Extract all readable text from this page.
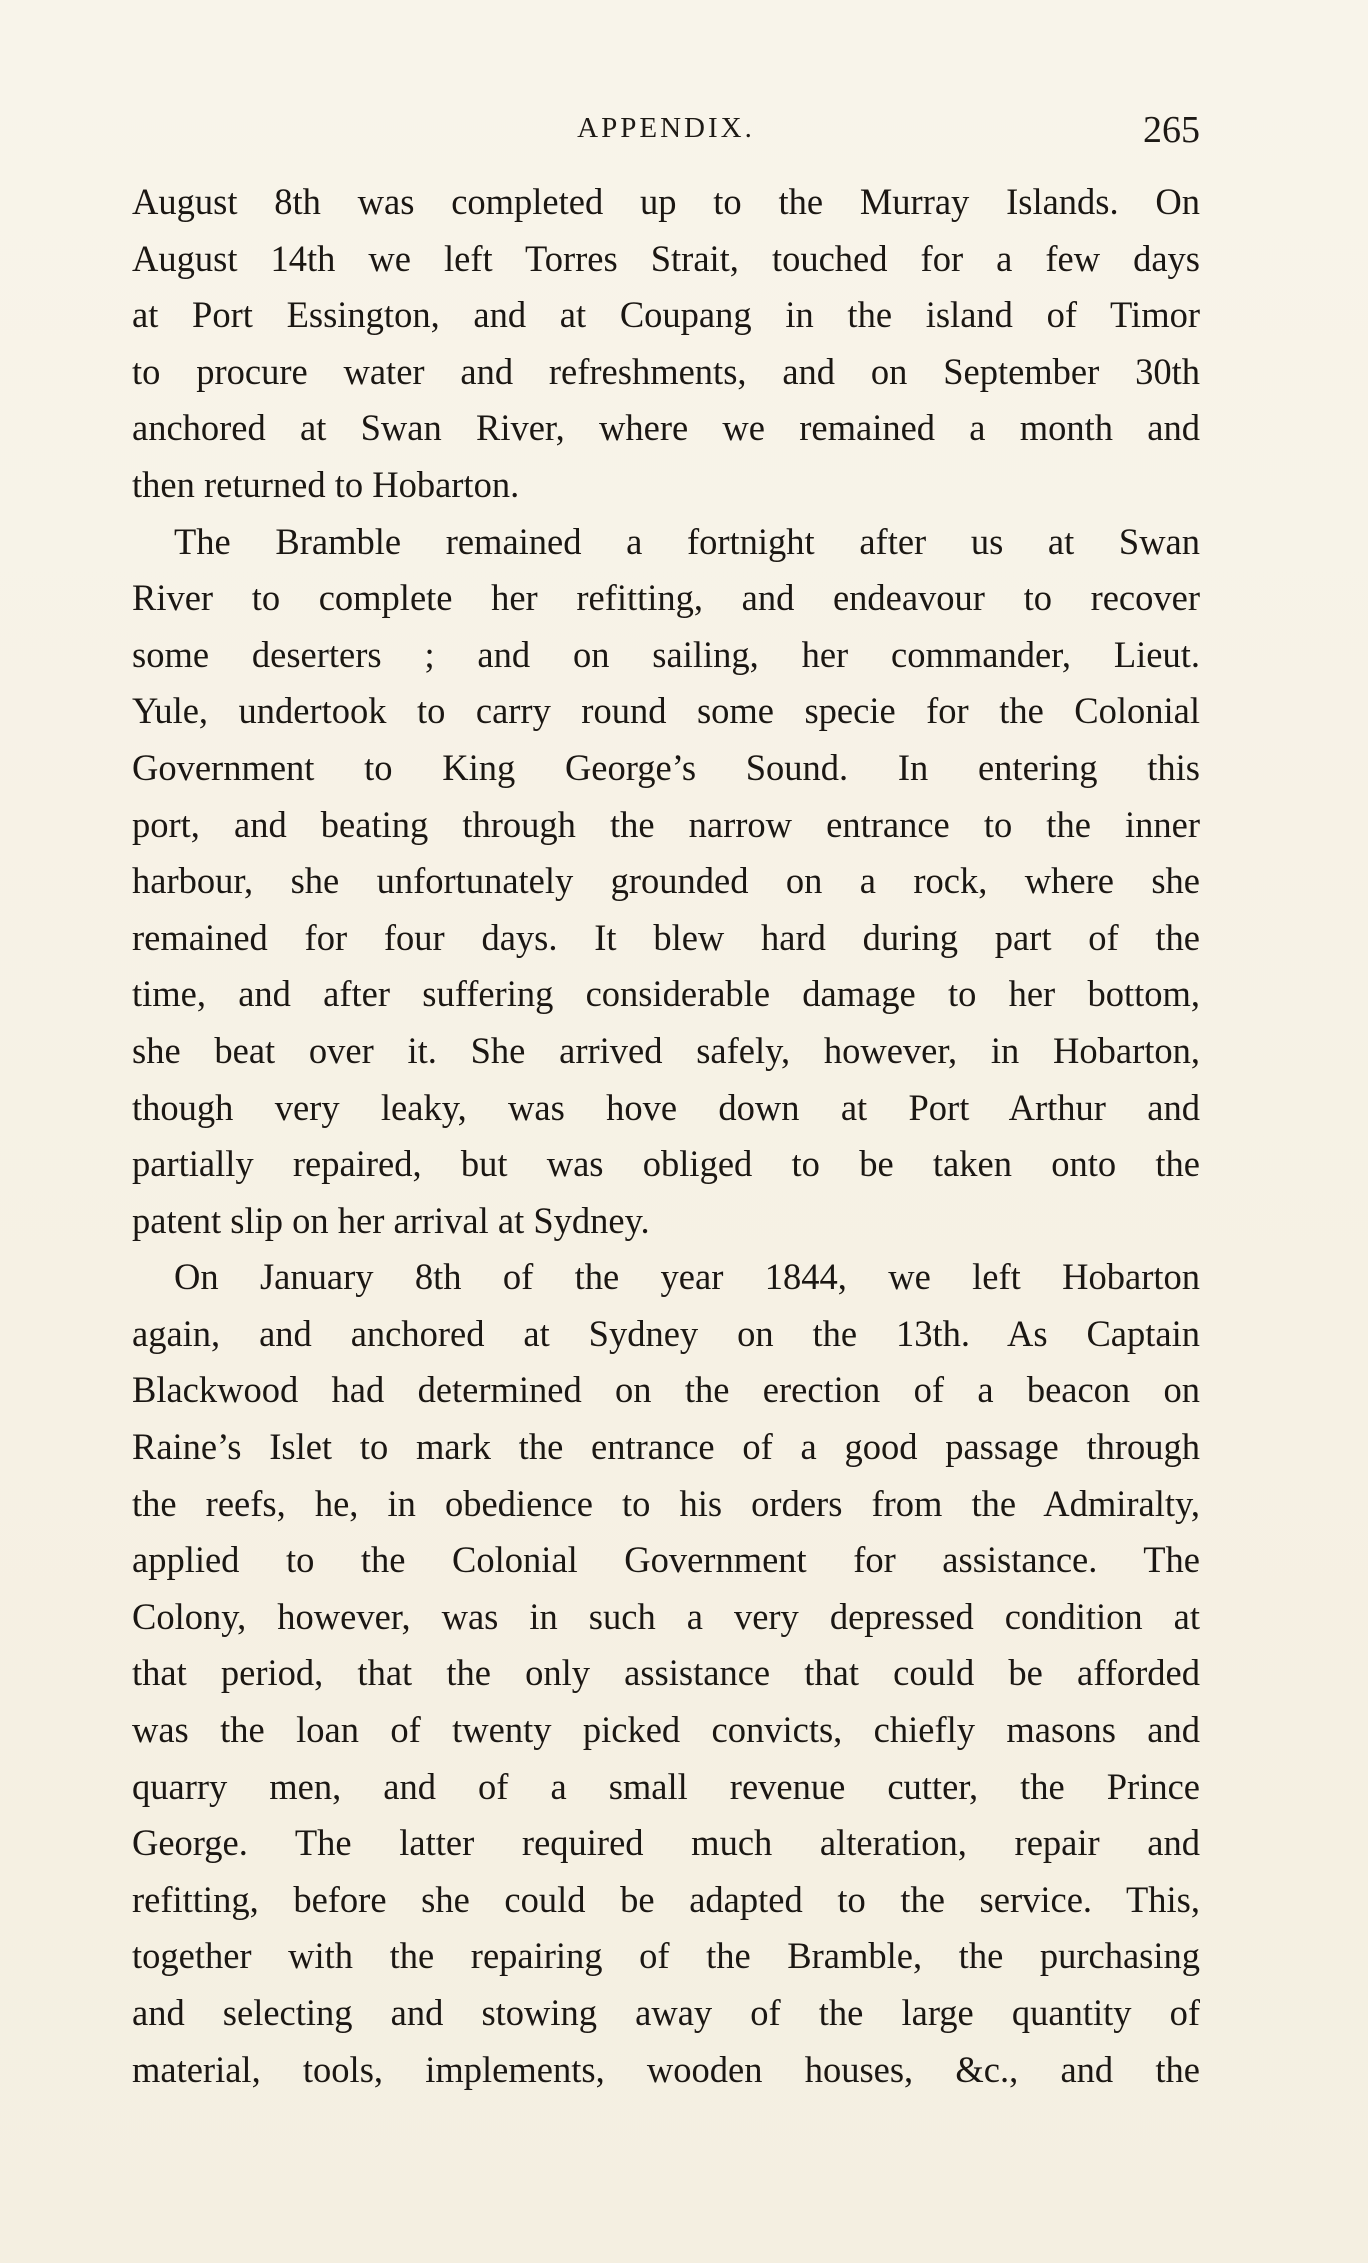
APPENDIX.	265
August 8th was completed up to the Murray Islands. On
August 14th we left Torres Strait, touched for a few days
at Port Essington, and at Coupang in the island of Timor
to procure water and refreshments, and on September 30th
anchored at Swan River, where we remained a month and
then returned to Hobarton.
The Bramble remained a fortnight after us at Swan
River to complete her refitting, and endeavour to recover
some deserters ; and on sailing, her commander, Lieut.
Yule, undertook to carry round some specie for the Colonial
Government to King George’s Sound. In entering this
port, and beating through the narrow entrance to the inner
harbour, she unfortunately grounded on a rock, where she
remained for four days. It blew hard during part of the
time, and after suffering considerable damage to her bottom,
she beat over it. She arrived safely, however, in Hobarton,
though very leaky, was hove down at Port Arthur and
partially repaired, but was obliged to be taken onto the
patent slip on her arrival at Sydney.
On January 8th of the year 1844, we left Hobarton
again, and anchored at Sydney on the 13th. As Captain
Blackwood had determined on the erection of a beacon on
Raine’s Islet to mark the entrance of a good passage through
the reefs, he, in obedience to his orders from the Admiralty,
applied to the Colonial Government for assistance. The
Colony, however, was in such a very depressed condition at
that period, that the only assistance that could be afforded
was the loan of twenty picked convicts, chiefly masons and
quarry men, and of a small revenue cutter, the Prince
George. The latter required much alteration, repair and
refitting, before she could be adapted to the service. This,
together with the repairing of the Bramble, the purchasing
and selecting and stowing away of the large quantity of
material, tools, implements, wooden houses, &c., and the
